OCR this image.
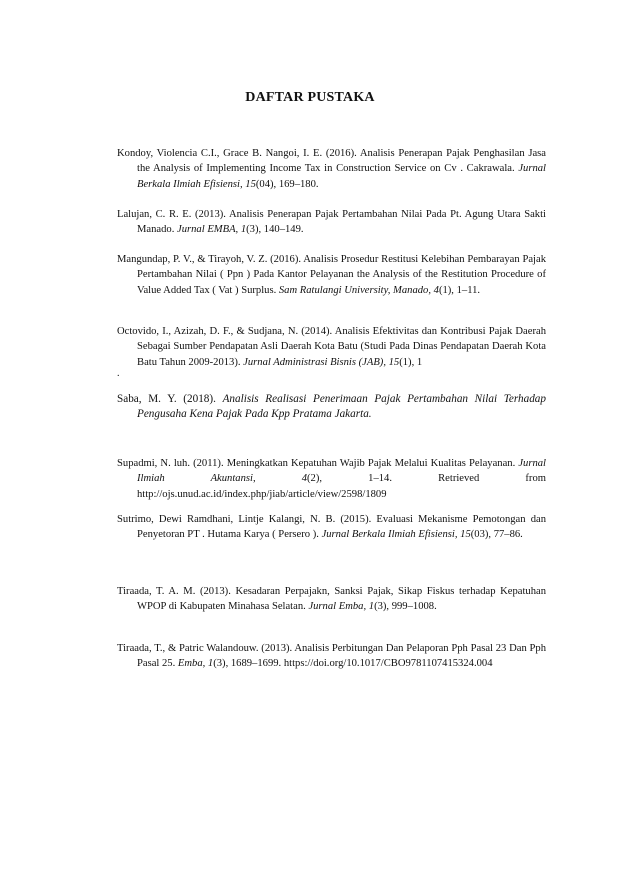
DAFTAR PUSTAKA

Kondoy, Violencia C.I., Grace B. Nangoi, I. E. (2016). Analisis Penerapan Pajak Penghasilan Jasa the Analysis of Implementing Income Tax in Construction Service on Cv . Cakrawala. Jurnal Berkala Ilmiah Efisiensi, 15(04), 169–180.

Lalujan, C. R. E. (2013). Analisis Penerapan Pajak Pertambahan Nilai Pada Pt. Agung Utara Sakti Manado. Jurnal EMBA, 1(3), 140–149.

Mangundap, P. V., & Tirayoh, V. Z. (2016). Analisis Prosedur Restitusi Kelebihan Pembarayan Pajak Pertambahan Nilai ( Ppn ) Pada Kantor Pelayanan the Analysis of the Restitution Procedure of Value Added Tax ( Vat ) Surplus. Sam Ratulangi University, Manado, 4(1), 1–11.

Octovido, I., Azizah, D. F., & Sudjana, N. (2014). Analisis Efektivitas dan Kontribusi Pajak Daerah Sebagai Sumber Pendapatan Asli Daerah Kota Batu (Studi Pada Dinas Pendapatan Daerah Kota Batu Tahun 2009-2013). Jurnal Administrasi Bisnis (JAB), 15(1), 1

Saba, M. Y. (2018). Analisis Realisasi Penerimaan Pajak Pertambahan Nilai Terhadap Pengusaha Kena Pajak Pada Kpp Pratama Jakarta.

Supadmi, N. luh. (2011). Meningkatkan Kepatuhan Wajib Pajak Melalui Kualitas Pelayanan. Jurnal Ilmiah Akuntansi, 4(2), 1–14. Retrieved from http://ojs.unud.ac.id/index.php/jiab/article/view/2598/1809

Sutrimo, Dewi Ramdhani, Lintje Kalangi, N. B. (2015). Evaluasi Mekanisme Pemotongan dan Penyetoran PT . Hutama Karya ( Persero ). Jurnal Berkala Ilmiah Efisiensi, 15(03), 77–86.

Tiraada, T. A. M. (2013). Kesadaran Perpajakn, Sanksi Pajak, Sikap Fiskus terhadap Kepatuhan WPOP di Kabupaten Minahasa Selatan. Jurnal Emba, 1(3), 999–1008.

Tiraada, T., & Patric Walandouw. (2013). Analisis Perbitungan Dan Pelaporan Pph Pasal 23 Dan Pph Pasal 25. Emba, 1(3), 1689–1699. https://doi.org/10.1017/CBO9781107415324.004

.
